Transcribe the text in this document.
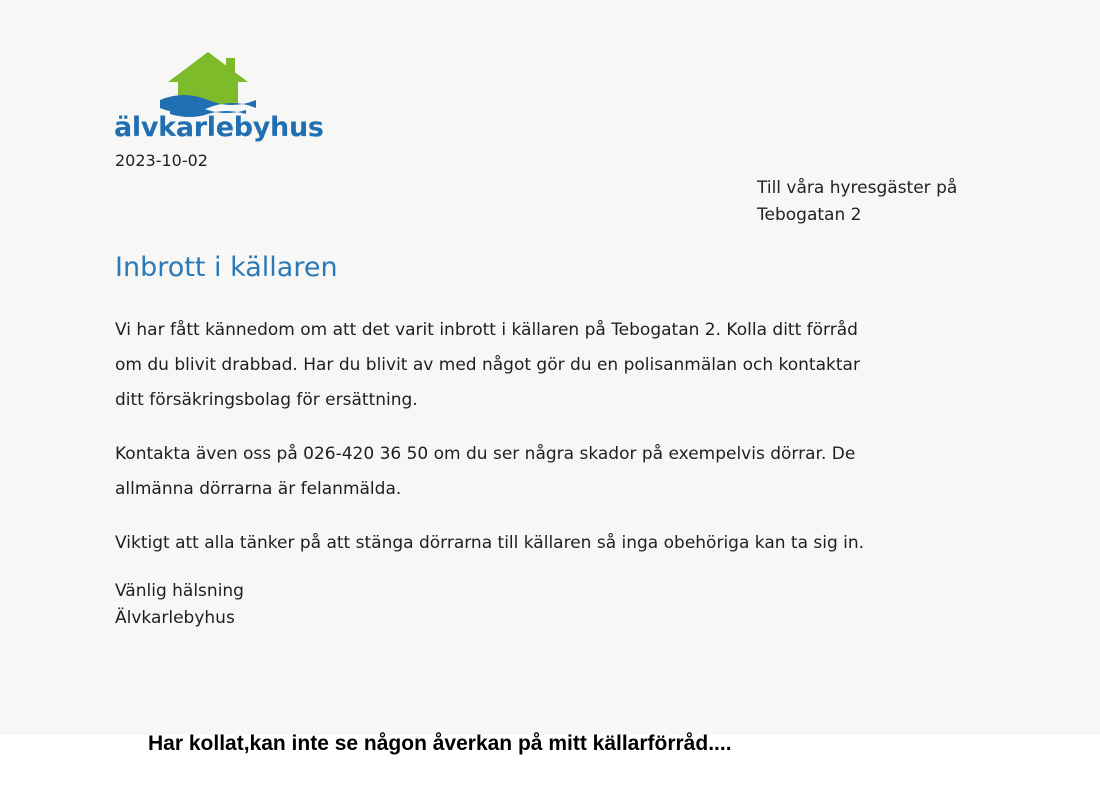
älvkarlebyhus
2023-10-02
Till våra hyresgäster på
Tebogatan 2
Inbrott i källaren
Vi har fått kännedom om att det varit inbrott i källaren på Tebogatan 2. Kolla ditt förråd
om du blivit drabbad. Har du blivit av med något gör du en polisanmälan och kontaktar
ditt försäkringsbolag för ersättning.
Kontakta även oss på 026-420 36 50 om du ser några skador på exempelvis dörrar. De
allmänna dörrarna är felanmälda.
Viktigt att alla tänker på att stänga dörrarna till källaren så inga obehöriga kan ta sig in.
Vänlig hälsning
Älvkarlebyhus
Har kollat,kan inte se någon åverkan på mitt källarförråd....
